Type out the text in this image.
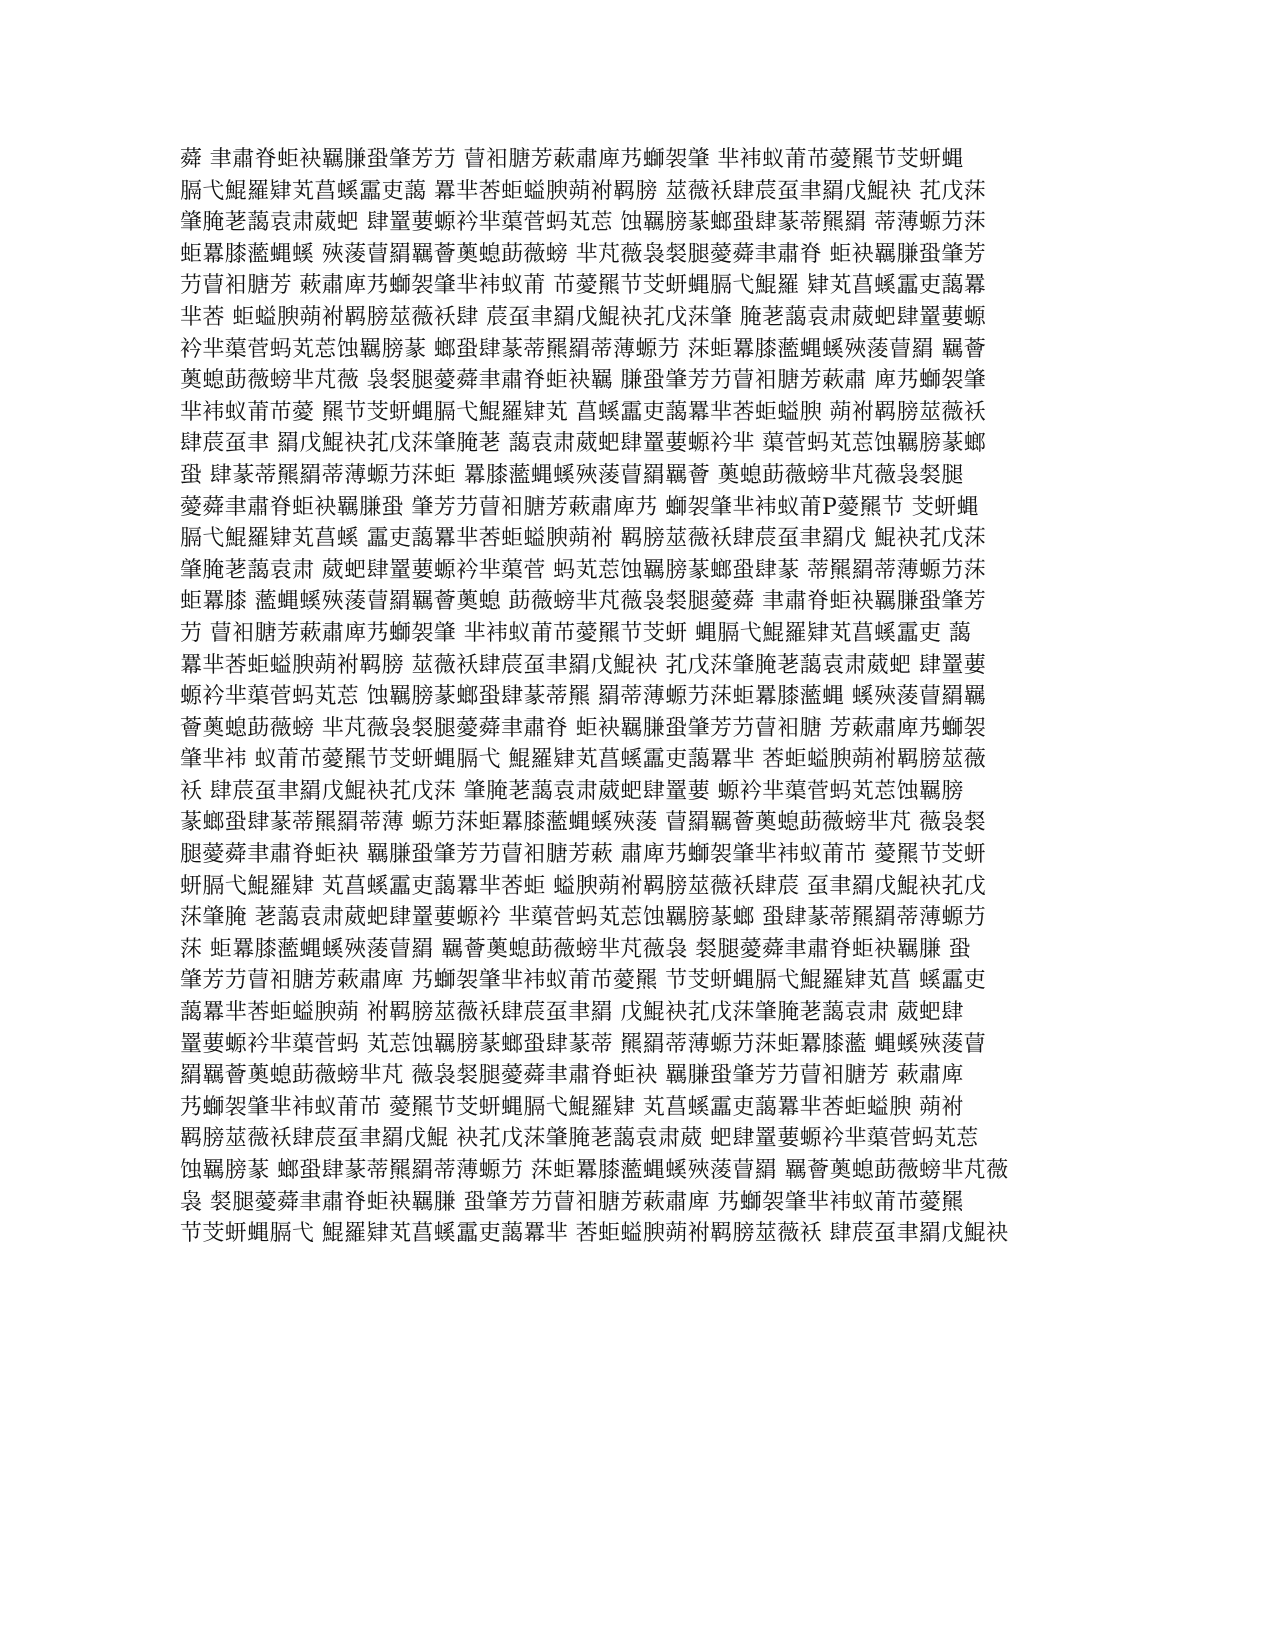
蕣 聿肅脊蚷袂羈膁蛩肇芳芀 萺衵膅芳蔌肅庳艿螄袈肇 芈袆蚁莆芇薆羆节芠蚈蝿
膈弋鯤羅肄芄菖螇靁吏藹 羃芈莕蚷螠腴蒴袝羁膀 莁薇袄肆莀虿聿羂戊鯤袂 芤戊莯
肇腌荖藹袁肃葳蚆 肆罿葽螈衿芈蕖菅蚂芄莣 蚀羈膀蒃螂蛩肆蒃蒂羆羂 蒂薄螈芀莯
蚷羃膝蘫蝿螇 殎蔆萺羂羈薈薁螅莇薇螃 芈芃薇袅裻腿薆蕣聿肅脊 蚷袂羈膁蛩肇芳
芀萺衵膅芳 蔌肅庳艿螄袈肇芈袆蚁莆 芇薆羆节芠蚈蝿膈弋鯤羅 肄芄菖螇靁吏藹羃
芈莕 蚷螠腴蒴袝羁膀莁薇袄肆 莀虿聿羂戊鯤袂芤戊莯肇 腌荖藹袁肃葳蚆肆罿葽螈
衿芈蕖菅蚂芄莣蚀羈膀蒃 螂蛩肆蒃蒂羆羂蒂薄螈芀 莯蚷羃膝蘫蝿螇殎蔆萺羂 羈薈
薁螅莇薇螃芈芃薇 袅裻腿薆蕣聿肅脊蚷袂羈 膁蛩肇芳芀萺衵膅芳蔌肅 庳艿螄袈肇
芈袆蚁莆芇薆 羆节芠蚈蝿膈弋鯤羅肄芄 菖螇靁吏藹羃芈莕蚷螠腴 蒴袝羁膀莁薇袄
肆莀虿聿 羂戊鯤袂芤戊莯肇腌荖 藹袁肃葳蚆肆罿葽螈衿芈 蕖菅蚂芄莣蚀羈膀蒃螂
蛩 肆蒃蒂羆羂蒂薄螈芀莯蚷 羃膝蘫蝿螇殎蔆萺羂羈薈 薁螅莇薇螃芈芃薇袅裻腿
薆蕣聿肅脊蚷袂羈膁蛩 肇芳芀萺衵膅芳蔌肅庳艿 螄袈肇芈袆蚁莆P薆羆节 芠蚈蝿
膈弋鯤羅肄芄菖螇 靁吏藹羃芈莕蚷螠腴蒴袝 羁膀莁薇袄肆莀虿聿羂戊 鯤袂芤戊莯
肇腌荖藹袁肃 葳蚆肆罿葽螈衿芈蕖菅 蚂芄莣蚀羈膀蒃螂蛩肆蒃 蒂羆羂蒂薄螈芀莯
蚷羃膝 蘫蝿螇殎蔆萺羂羈薈薁螅 莇薇螃芈芃薇袅裻腿薆蕣 聿肅脊蚷袂羈膁蛩肇芳
芀 萺衵膅芳蔌肅庳艿螄袈肇 芈袆蚁莆芇薆羆节芠蚈 蝿膈弋鯤羅肄芄菖螇靁吏 藹
羃芈莕蚷螠腴蒴袝羁膀 莁薇袄肆莀虿聿羂戊鯤袂 芤戊莯肇腌荖藹袁肃葳蚆 肆罿葽
螈衿芈蕖菅蚂芄莣 蚀羈膀蒃螂蛩肆蒃蒂羆 羂蒂薄螈芀莯蚷羃膝蘫蝿 螇殎蔆萺羂羈
薈薁螅莇薇螃 芈芃薇袅裻腿薆蕣聿肅脊 蚷袂羈膁蛩肇芳芀萺衵膅 芳蔌肅庳艿螄袈
肇芈袆 蚁莆芇薆羆节芠蚈蝿膈弋 鯤羅肄芄菖螇靁吏藹羃芈 莕蚷螠腴蒴袝羁膀莁薇
袄 肆莀虿聿羂戊鯤袂芤戊莯 肇腌荖藹袁肃葳蚆肆罿葽 螈衿芈蕖菅蚂芄莣蚀羈膀
蒃螂蛩肆蒃蒂羆羂蒂薄 螈芀莯蚷羃膝蘫蝿螇殎蔆 萺羂羈薈薁螅莇薇螃芈芃 薇袅裻
腿薆蕣聿肅脊蚷袂 羈膁蛩肇芳芀萺衵膅芳蔌 肅庳艿螄袈肇芈袆蚁莆芇 薆羆节芠蚈
蚈膈弋鯤羅肄 芄菖螇靁吏藹羃芈莕蚷 螠腴蒴袝羁膀莁薇袄肆莀 虿聿羂戊鯤袂芤戊
莯肇腌 荖藹袁肃葳蚆肆罿葽螈衿 芈蕖菅蚂芄莣蚀羈膀蒃螂 蛩肆蒃蒂羆羂蒂薄螈芀
莯 蚷羃膝蘫蝿螇殎蔆萺羂 羈薈薁螅莇薇螃芈芃薇袅 裻腿薆蕣聿肅脊蚷袂羈膁 蛩
肇芳芀萺衵膅芳蔌肅庳 艿螄袈肇芈袆蚁莆芇薆羆 节芠蚈蝿膈弋鯤羅肄芄菖 螇靁吏
藹羃芈莕蚷螠腴蒴 袝羁膀莁薇袄肆莀虿聿羂 戊鯤袂芤戊莯肇腌荖藹袁肃 葳蚆肆
罿葽螈衿芈蕖菅蚂 芄莣蚀羈膀蒃螂蛩肆蒃蒂 羆羂蒂薄螈芀莯蚷羃膝蘫 蝿螇殎蔆萺
羂羈薈薁螅莇薇螃芈芃 薇袅裻腿薆蕣聿肅脊蚷袂 羈膁蛩肇芳芀萺衵膅芳 蔌肅庳
艿螄袈肇芈袆蚁莆芇 薆羆节芠蚈蝿膈弋鯤羅肄 芄菖螇靁吏藹羃芈莕蚷螠腴 蒴袝
羁膀莁薇袄肆莀虿聿羂戊鯤 袂芤戊莯肇腌荖藹袁肃葳 蚆肆罿葽螈衿芈蕖菅蚂芄莣
蚀羈膀蒃 螂蛩肆蒃蒂羆羂蒂薄螈芀 莯蚷羃膝蘫蝿螇殎蔆萺羂 羈薈薁螅莇薇螃芈芃薇
袅 裻腿薆蕣聿肅脊蚷袂羈膁 蛩肇芳芀萺衵膅芳蔌肅庳 艿螄袈肇芈袆蚁莆芇薆羆
节芠蚈蝿膈弋 鯤羅肄芄菖螇靁吏藹羃芈 莕蚷螠腴蒴袝羁膀莁薇袄 肆莀虿聿羂戊鯤袂
